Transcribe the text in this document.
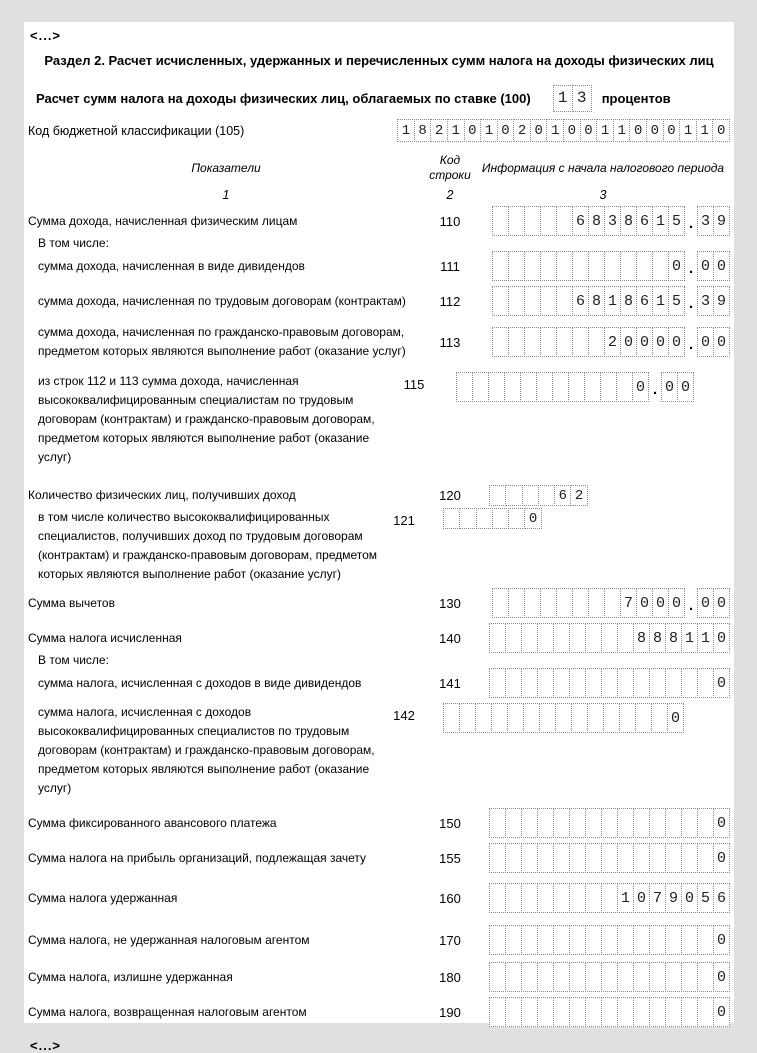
<...>
Раздел 2. Расчет исчисленных, удержанных и перечисленных сумм налога на доходы физических лиц
Расчет сумм налога на доходы физических лиц, облагаемых по ставке (100)	1 3	процентов
Код бюджетной классификации (105)	1 8 2 1 0 1 0 2 0 1 0 0 1 1 0 0 0 1 1 0
Показатели
Код строки Информация с начала налогового периода
1	2	3
Сумма дохода, начисленная физическим лицам	110	6 8 3 8 6 1 5 . 3 9
В том числе:
сумма дохода, начисленная в виде дивидендов	111	0 . 0 0
сумма дохода, начисленная по трудовым договорам (контрактам)	112	6 8 1 8 6 1 5 . 3 9
сумма дохода, начисленная по гражданско-правовым договорам, предметом которых являются выполнение работ (оказание услуг)
113	2 0 0 0 0 . 0 0
из строк 112 и 113 сумма дохода, начисленная высококвалифицированным специалистам по трудовым договорам (контрактам) и гражданско-правовым договорам, предметом которых являются выполнение работ (оказание услуг)
115	0 . 0 0
Количество физических лиц, получивших доход	120	6 2
в том числе количество высококвалифицированных специалистов, получивших доход по трудовым договорам (контрактам) и гражданско-правовым договорам, предметом которых являются выполнение работ (оказание услуг)
121	0
Сумма вычетов	130	7 0 0 0 . 0 0
Сумма налога исчисленная	140	8 8 8 1 1 0
В том числе:
сумма налога, исчисленная с доходов в виде дивидендов	141	0
сумма налога, исчисленная с доходов высококвалифицированных специалистов по трудовым договорам (контрактам) и гражданско-правовым договорам, предметом которых являются выполнение работ (оказание услуг)
142	0
Сумма фиксированного авансового платежа	150	0
Сумма налога на прибыль организаций, подлежащая зачету	155	0
Сумма налога удержанная	160	1 0 7 9 0 5 6
Сумма налога, не удержанная налоговым агентом	170	0
Сумма налога, излишне удержанная	180	0
Сумма налога, возвращенная налоговым агентом	190	0
<...>
